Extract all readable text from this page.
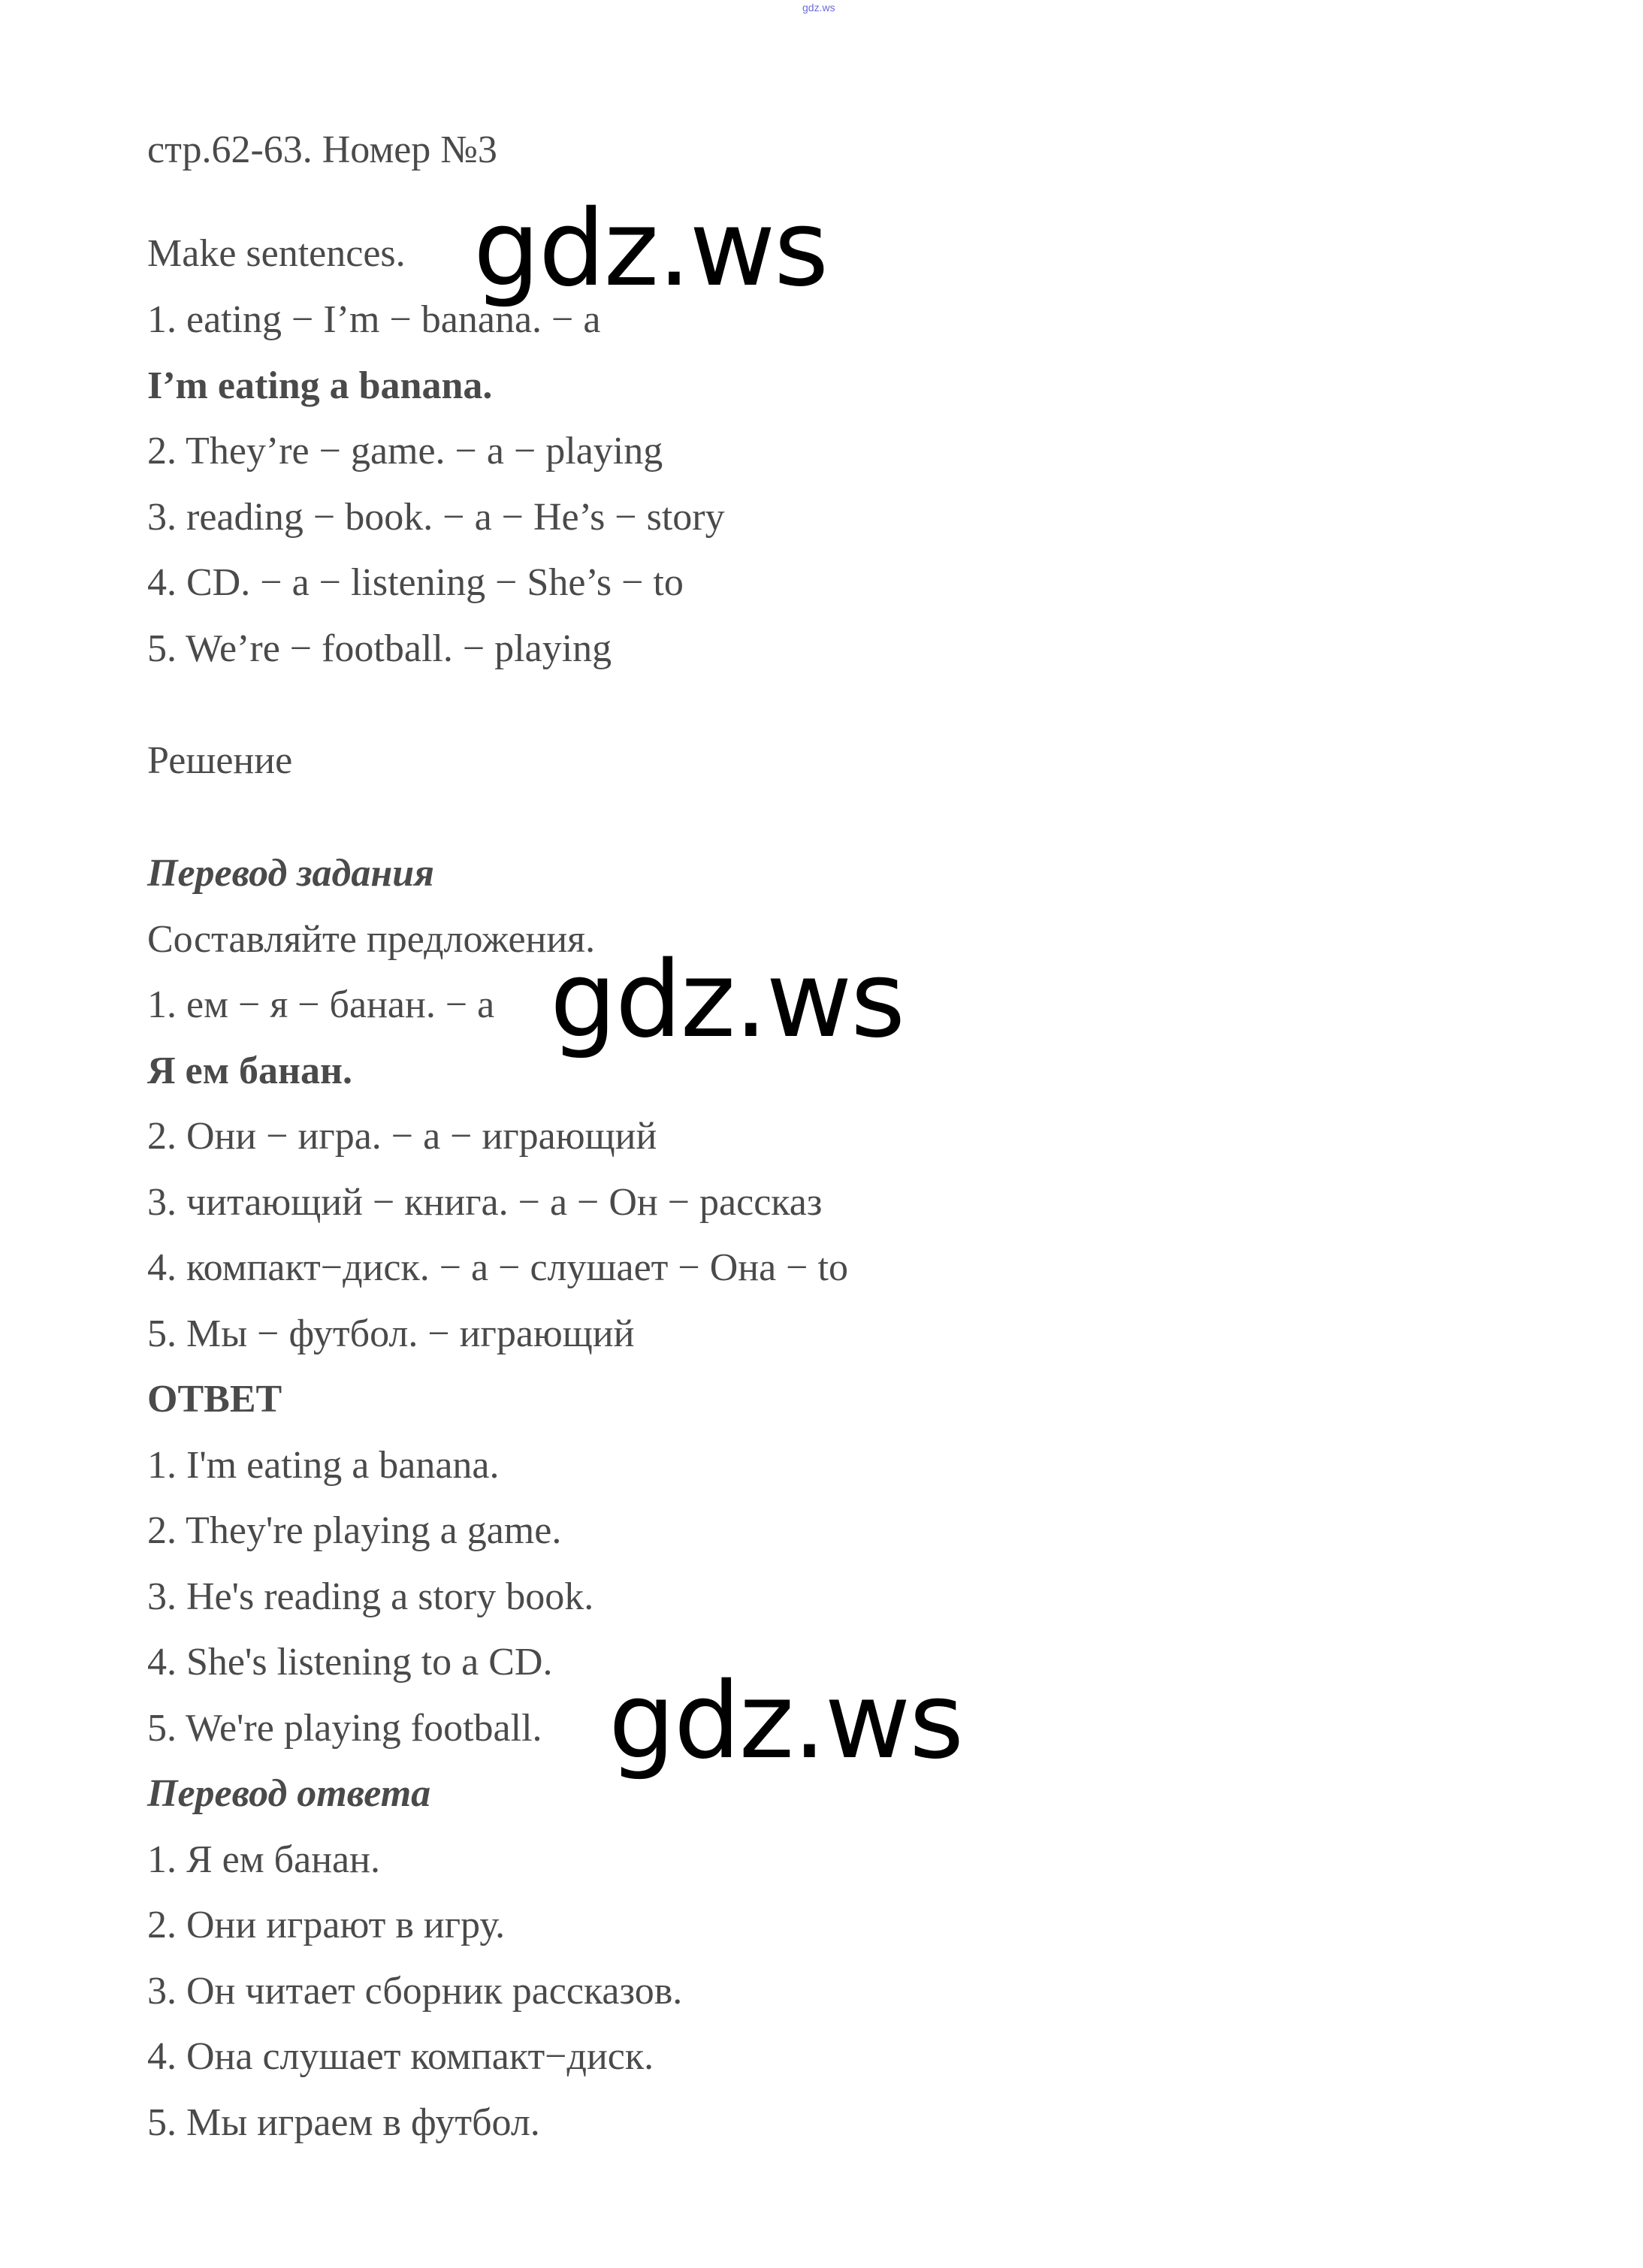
gdz.ws
стр.62-63. Номер №3
Make sentences.
1. eating − I’m − banana. − a
I’m eating a banana.
2. They’re − game. − a − playing
3. reading − book. − a − He’s − story
4. CD. − a − listening − She’s − to
5. We’re − football. − playing
Решение
Перевод задания
Составляйте предложения.
1. ем − я − банан. − а
Я ем банан.
2. Они − игра. − а − играющий
3. читающий − книга. − а − Он − рассказ
4. компакт−диск. − а − слушает − Она − to
5. Мы − футбол. − играющий
ОТВЕТ
1. I'm eating a banana.
2. They're playing a game.
3. He's reading a story book.
4. She's listening to a CD.
5. We're playing football.
Перевод ответа
1. Я ем банан.
2. Они играют в игру.
3. Он читает сборник рассказов.
4. Она слушает компакт−диск.
5. Мы играем в футбол.
gdz.ws
gdz.ws
gdz.ws
